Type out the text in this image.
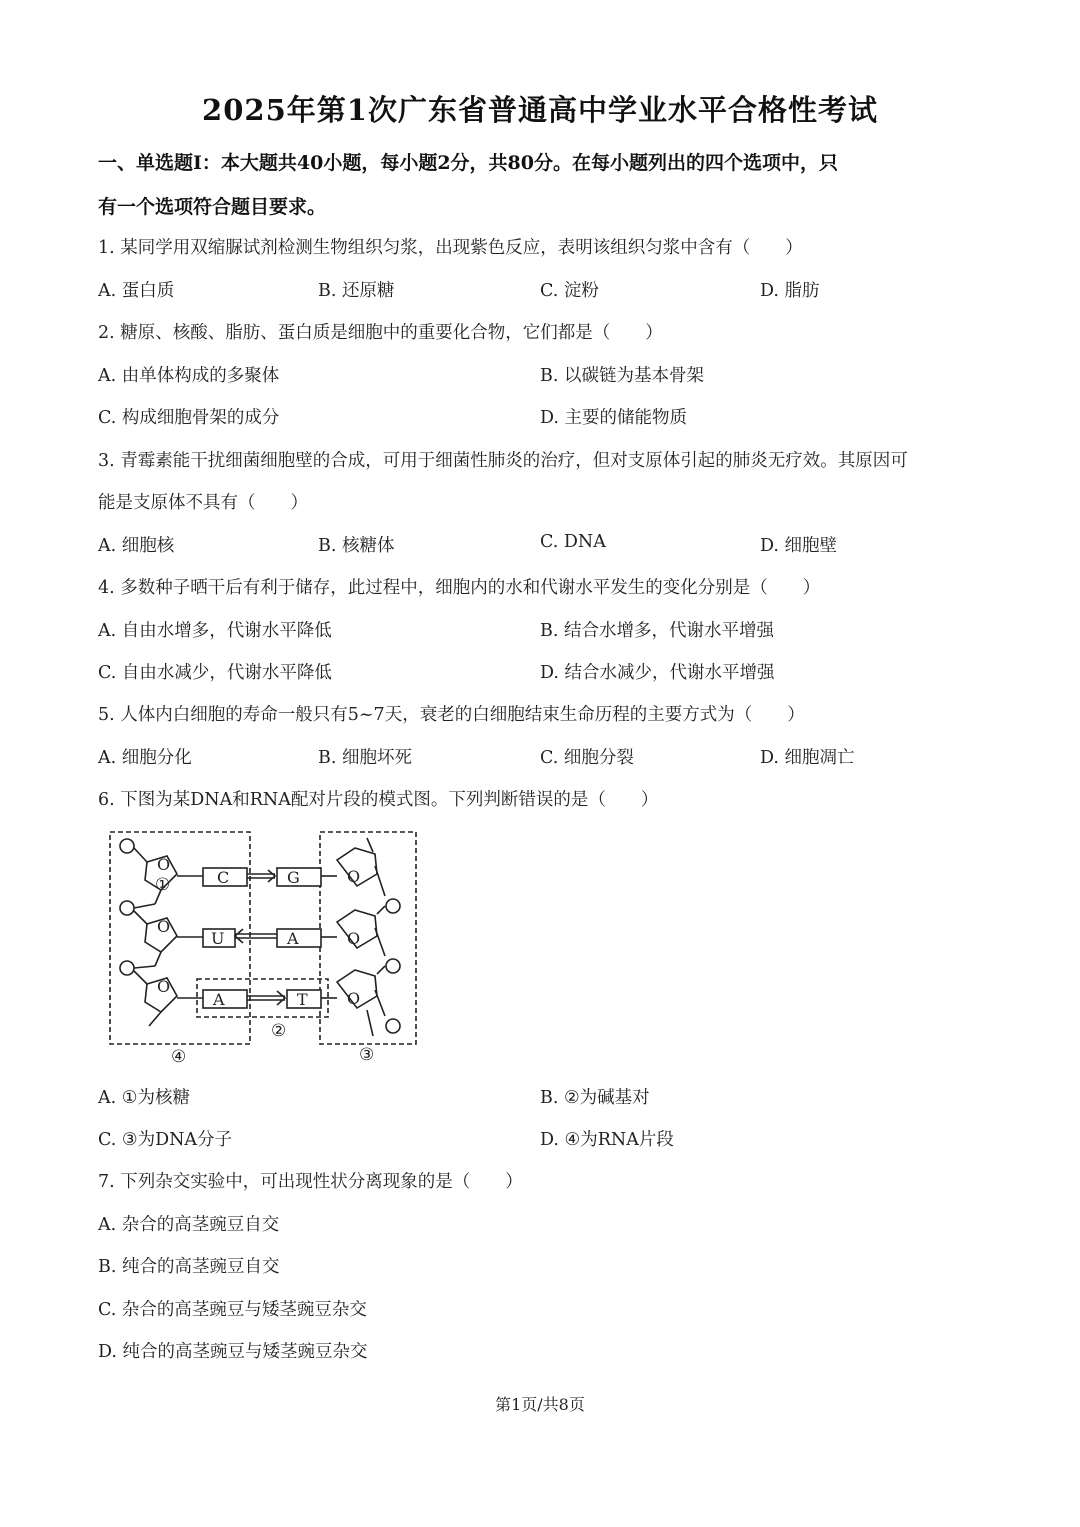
2025年第1次广东省普通高中学业水平合格性考试
一、单选题Ⅰ：本大题共40小题，每小题2分，共80分。在每小题列出的四个选项中，只
有一个选项符合题目要求。
1. 某同学用双缩脲试剂检测生物组织匀浆，出现紫色反应，表明该组织匀浆中含有（　　）
A. 蛋白质	B. 还原糖	C. 淀粉	D. 脂肪
2. 糖原、核酸、脂肪、蛋白质是细胞中的重要化合物，它们都是（　　）
A. 由单体构成的多聚体	B. 以碳链为基本骨架
C. 构成细胞骨架的成分	D. 主要的储能物质
3. 青霉素能干扰细菌细胞壁的合成，可用于细菌性肺炎的治疗，但对支原体引起的肺炎无疗效。其原因可
能是支原体不具有（　　）
A. 细胞核	B. 核糖体	C. DNA	D. 细胞壁
4. 多数种子晒干后有利于储存，此过程中，细胞内的水和代谢水平发生的变化分别是（　　）
A. 自由水增多，代谢水平降低	B. 结合水增多，代谢水平增强
C. 自由水减少，代谢水平降低	D. 结合水减少，代谢水平增强
5. 人体内白细胞的寿命一般只有5~7天，衰老的白细胞结束生命历程的主要方式为（　　）
A. 细胞分化	B. 细胞坏死	C. 细胞分裂	D. 细胞凋亡
6. 下图为某DNA和RNA配对片段的模式图。下列判断错误的是（　　）
O
O
O
O
O
O
C
U
A
G
A
T
①
②
③
④
A. ①为核糖	B. ②为碱基对
C. ③为DNA分子	D. ④为RNA片段
7. 下列杂交实验中，可出现性状分离现象的是（　　）
A. 杂合的高茎豌豆自交
B. 纯合的高茎豌豆自交
C. 杂合的高茎豌豆与矮茎豌豆杂交
D. 纯合的高茎豌豆与矮茎豌豆杂交
第1页/共8页
